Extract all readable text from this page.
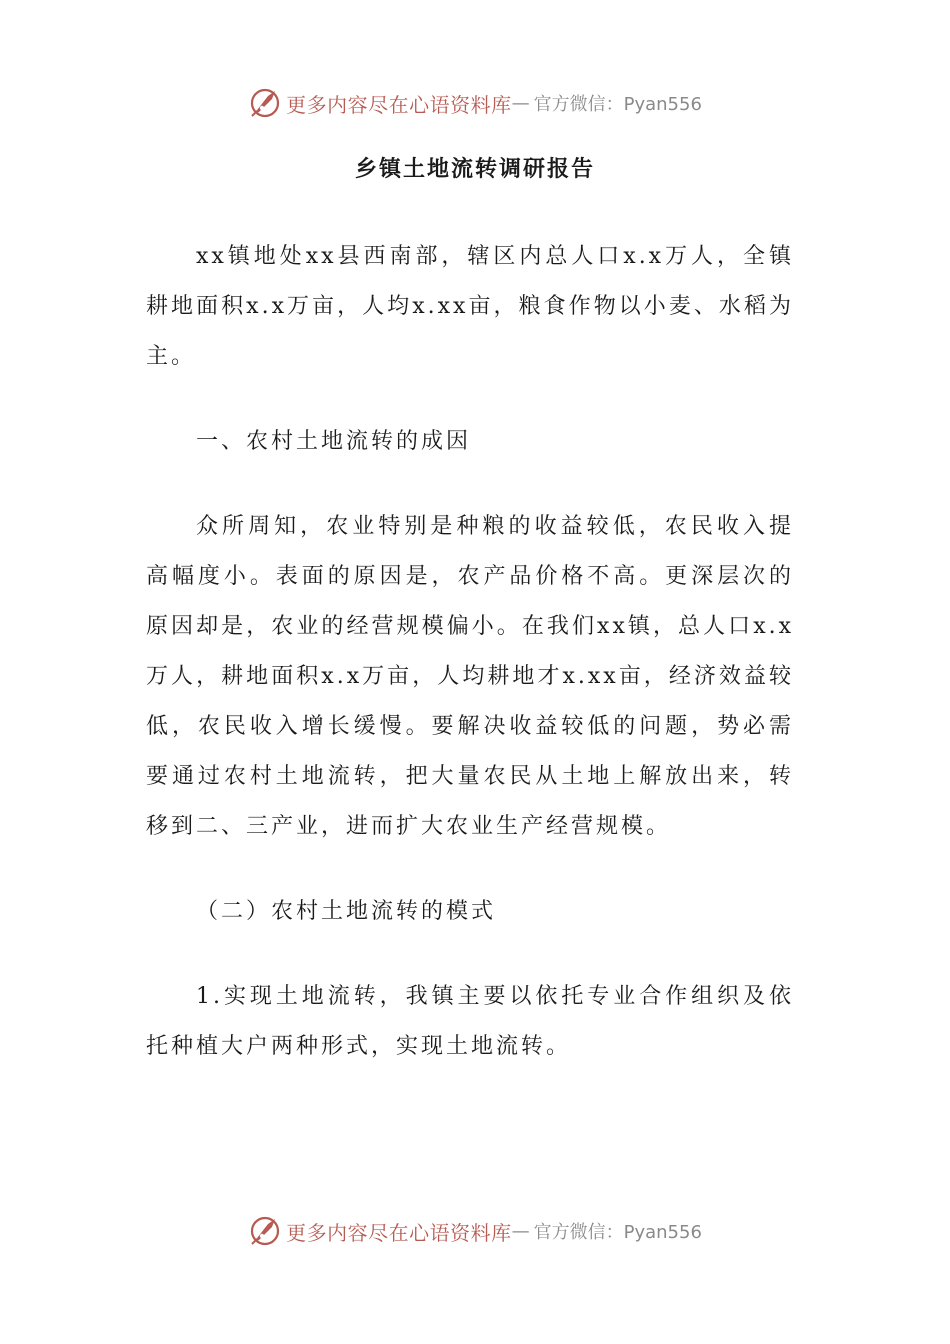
更多内容尽在心语资料库 — 官方微信：Pyan556
乡镇土地流转调研报告

xx镇地处xx县西南部，辖区内总人口x.x万人，全镇耕地面积x.x万亩，人均x.xx亩，粮食作物以小麦、水稻为主。

一、农村土地流转的成因

众所周知，农业特别是种粮的收益较低，农民收入提高幅度小。表面的原因是，农产品价格不高。更深层次的原因却是，农业的经营规模偏小。在我们xx镇，总人口x.x万人，耕地面积x.x万亩，人均耕地才x.xx亩，经济效益较低，农民收入增长缓慢。要解决收益较低的问题，势必需要通过农村土地流转，把大量农民从土地上解放出来，转移到二、三产业，进而扩大农业生产经营规模。

（二）农村土地流转的模式

1.实现土地流转，我镇主要以依托专业合作组织及依托种植大户两种形式，实现土地流转。

更多内容尽在心语资料库 — 官方微信：Pyan556
